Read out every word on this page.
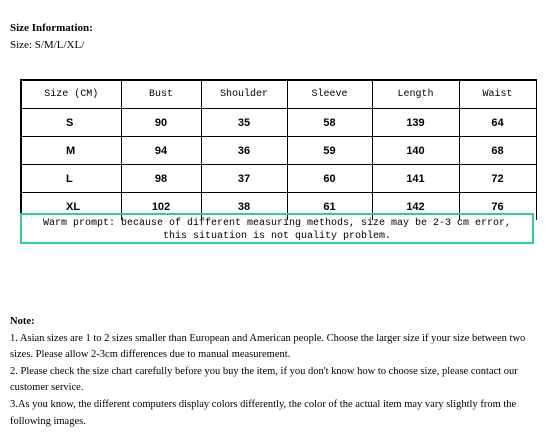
Size Information:
Size: S/M/L/XL/
Size (CM)	Bust	Shoulder	Sleeve	Length	Waist
S	90	35	58	139	64
M	94	36	59	140	68
L	98	37	60	141	72
XL	102	38	61	142	76
Warm prompt: because of different measuring methods, size may be 2-3 cm error,
this situation is not quality problem.

Note:

1. Asian sizes are 1 to 2 sizes smaller than European and American people. Choose the larger size if your size between two sizes. Please allow 2-3cm differences due to manual measurement.

2. Please check the size chart carefully before you buy the item, if you don't know how to choose size, please contact our customer service.

3.As you know, the different computers display colors differently, the color of the actual item may vary slightly from the following images.
